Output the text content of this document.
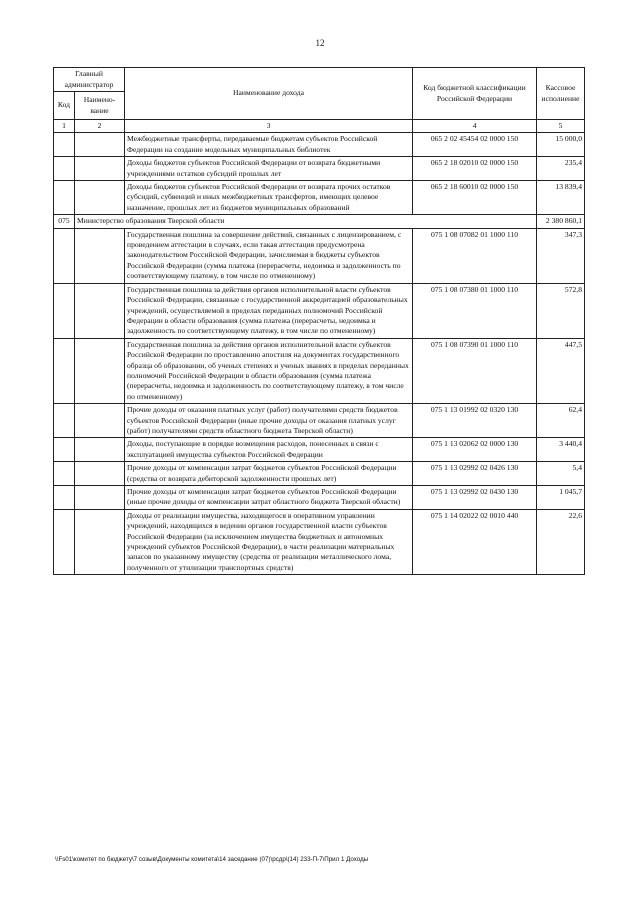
12
Главный администратор		Наименование дохода	Код бюджетной классификации Российской Федерации	Кассовое исполнение
Код	Наимено-вание			
1	2	3	4	5
		Межбюджетные трансферты, передаваемые бюджетам субъектов Российской Федерации на создание модельных муниципальных библиотек	065 2 02 45454 02 0000 150	15 000,0
		Доходы бюджетов субъектов Российской Федерации от возврата бюджетными учреждениями остатков субсидий прошлых лет	065 2 18 02010 02 0000 150	235,4
		Доходы бюджетов субъектов Российской Федерации от возврата прочих остатков субсидий, субвенций и иных межбюджетных трансфертов, имеющих целевое назначение, прошлых лет из бюджетов муниципальных образований	065 2 18 60010 02 0000 150	13 839,4
075	Министерство образования Тверской области			2 380 860,1
		Государственная пошлина за совершение действий, связанных с лицензированием, с проведением аттестации в случаях, если такая аттестация предусмотрена законодательством Российской Федерации, зачисляемая в бюджеты субъектов Российской Федерации (сумма платежа (перерасчеты, недоимка и задолженность по соответствующему платежу, в том числе по отмененному)	075 1 08 07082 01 1000 110	347,3
		Государственная пошлина за действия органов исполнительной власти субъектов Российской Федерации, связанные с государственной аккредитацией образовательных учреждений, осуществляемой в пределах переданных полномочий Российской Федерации в области образования (сумма платежа (перерасчеты, недоимка и задолженность по соответствующему платежу, в том числе по отмененному)	075 1 08 07380 01 1000 110	572,8
		Государственная пошлина за действия органов исполнительной власти субъектов Российской Федерации по проставлению апостиля на документах государственного образца об образовании, об ученых степенях и ученых званиях в пределах переданных полномочий Российской Федерации в области образования (сумма платежа (перерасчеты, недоимка и задолженность по соответствующему платежу, в том числе по отмененному)	075 1 08 07390 01 1000 110	447,5
		Прочие доходы от оказания платных услуг (работ) получателями средств бюджетов субъектов Российской Федерации (иные прочие доходы от оказания платных услуг (работ) получателями средств областного бюджета Тверской области)	075 1 13 01992 02 0320 130	62,4
		Доходы, поступающие в порядке возмещения расходов, понесенных в связи с эксплуатацией имущества субъектов Российской Федерации	075 1 13 02062 02 0000 130	3 440,4
		Прочие доходы от компенсации затрат бюджетов субъектов Российской Федерации (средства от возврата дебиторской задолженности прошлых лет)	075 1 13 02992 02 0426 130	5,4
		Прочие доходы от компенсации затрат бюджетов субъектов Российской Федерации (иные прочие доходы от компенсации затрат областного бюджета Тверской области)	075 1 13 02992 02 0430 130	1 045,7
		Доходы от реализации имущества, находящегося в оперативном управлении учреждений, находящихся в ведении органов государственной власти субъектов Российской Федерации (за исключением имущества бюджетных и автономных учреждений субъектов Российской Федерации), в части реализации материальных запасов по указанному имуществу (средства от реализации металлического лома, полученного от утилизации транспортных средств)	075 1 14 02022 02 0010 440	22,6
\\Fs01\комитет по бюджету\7 созыв\Документы комитета\14 заседание (07)\рсдр\(14) 233-П-7\Прил 1 Доходы
